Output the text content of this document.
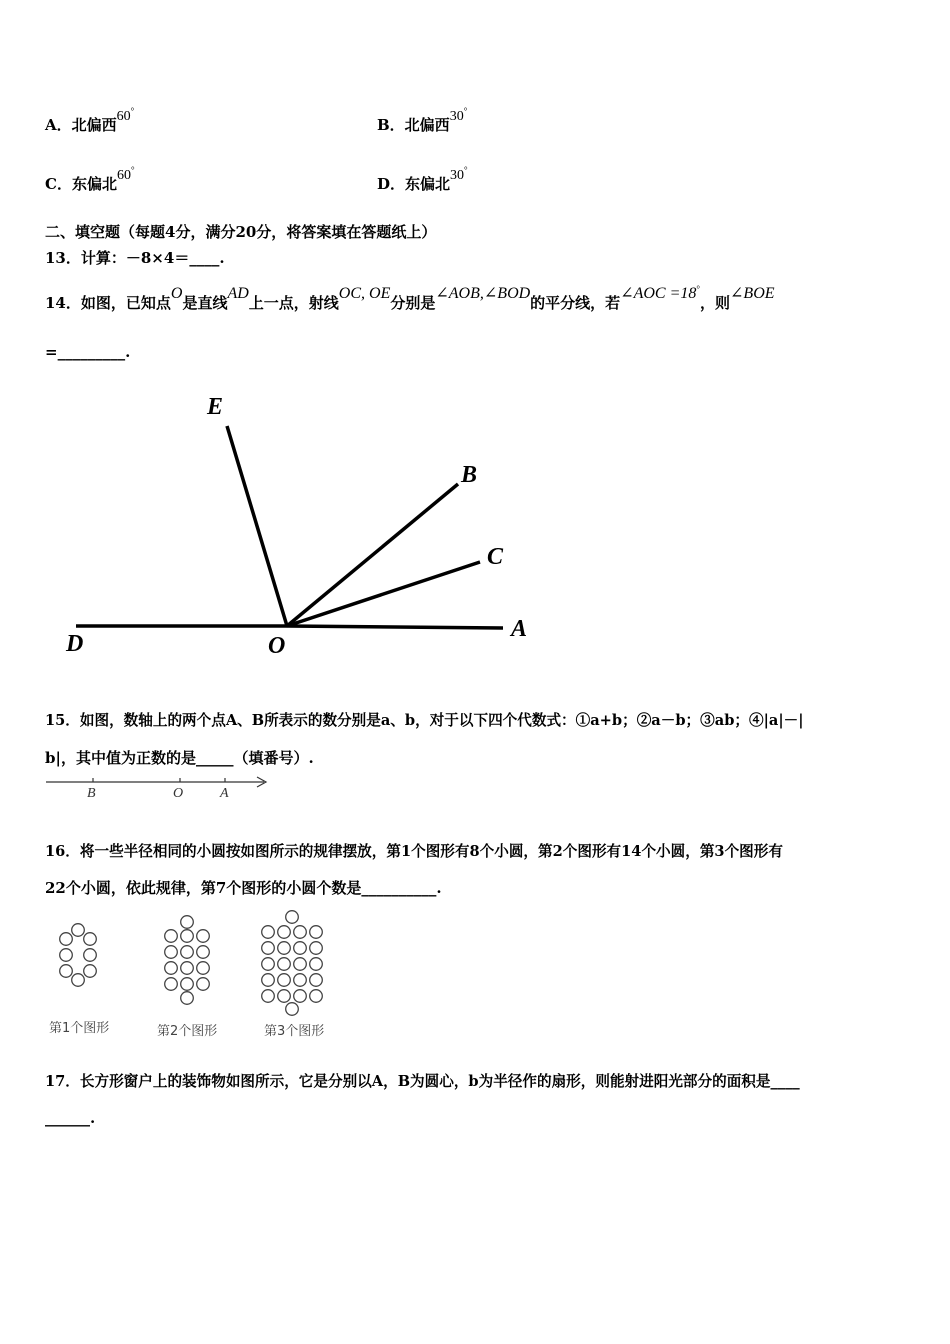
A．北偏西60°
B．北偏西30°
C．东偏北60°
D．东偏北30°
二、填空题（每题4分，满分20分，将答案填在答题纸上）
13．计算：－8×4＝____.
14．如图，已知点O是直线AD上一点，射线OC, OE分别是∠AOB,∠BOD的平分线，若∠AOC =18°，则∠BOE
=_________.
E
B
C
D	O
A
15．如图，数轴上的两个点A、B所表示的数分别是a、b，对于以下四个代数式：①a+b；②a－b；③ab；④|a|－|
b|，其中值为正数的是_____（填番号）.
B	O	A
16．将一些半径相同的小圆按如图所示的规律摆放，第1个图形有8个小圆，第2个图形有14个小圆，第3个图形有
22个小圆，依此规律，第7个图形的小圆个数是__________.
第1个图形	第2个图形	第3个图形
17．长方形窗户上的装饰物如图所示，它是分别以A，B为圆心，b为半径作的扇形，则能射进阳光部分的面积是____
______.
